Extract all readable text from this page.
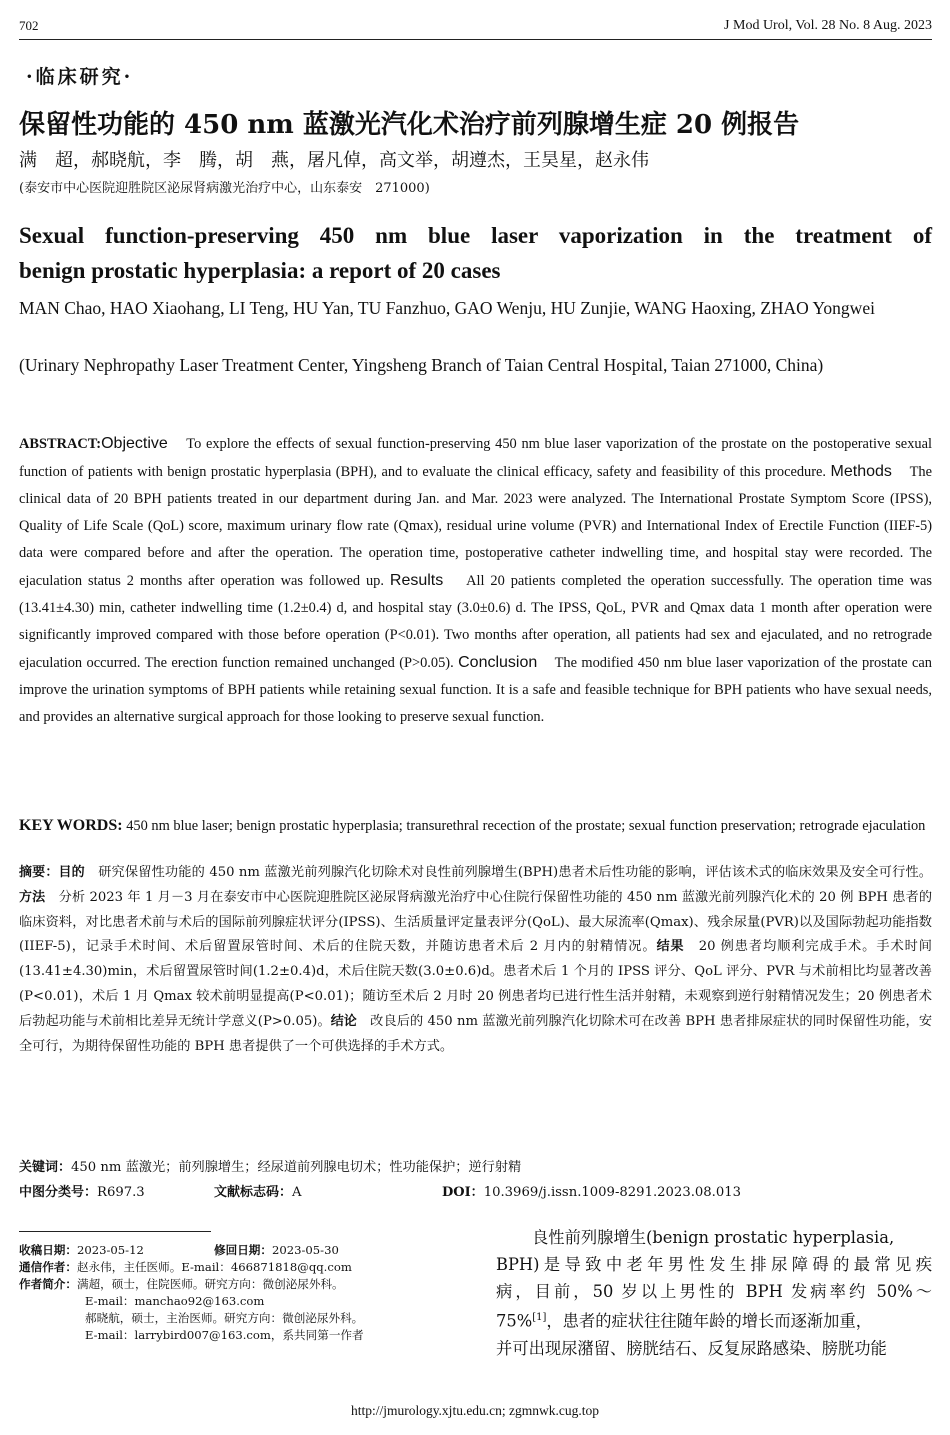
702	J Mod Urol, Vol. 28 No. 8 Aug. 2023
·临床研究·
保留性功能的 450 nm 蓝激光汽化术治疗前列腺增生症 20 例报告
满　超，郝晓航，李　腾，胡　燕，屠凡倬，高文举，胡遵杰，王昊星，赵永伟
(泰安市中心医院迎胜院区泌尿肾病激光治疗中心，山东泰安　271000)
Sexual function-preserving 450 nm blue laser vaporization in the treatment of
benign prostatic hyperplasia: a report of 20 cases
MAN Chao, HAO Xiaohang, LI Teng, HU Yan, TU Fanzhuo, GAO Wenju, HU Zunjie, WANG Haoxing, ZHAO Yongwei
(Urinary Nephropathy Laser Treatment Center, Yingsheng Branch of Taian Central Hospital, Taian 271000, China)
ABSTRACT:Objective To explore the effects of sexual function-preserving 450 nm blue laser vaporization of the prostate on the postoperative sexual function of patients with benign prostatic hyperplasia (BPH), and to evaluate the clinical efficacy, safety and feasibility of this procedure. Methods The clinical data of 20 BPH patients treated in our department during Jan. and Mar. 2023 were analyzed. The International Prostate Symptom Score (IPSS), Quality of Life Scale (QoL) score, maximum urinary flow rate (Qmax), residual urine volume (PVR) and International Index of Erectile Function (IIEF-5) data were compared before and after the operation. The operation time, postoperative catheter indwelling time, and hospital stay were recorded. The ejaculation status 2 months after operation was followed up. Results All 20 patients completed the operation successfully. The operation time was (13.41±4.30) min, catheter indwelling time (1.2±0.4) d, and hospital stay (3.0±0.6) d. The IPSS, QoL, PVR and Qmax data 1 month after operation were significantly improved compared with those before operation (P<0.01). Two months after operation, all patients had sex and ejaculated, and no retrograde ejaculation occurred. The erection function remained unchanged (P>0.05). Conclusion The modified 450 nm blue laser vaporization of the prostate can improve the urination symptoms of BPH patients while retaining sexual function. It is a safe and feasible technique for BPH patients who have sexual needs, and provides an alternative surgical approach for those looking to preserve sexual function.
KEY WORDS: 450 nm blue laser; benign prostatic hyperplasia; transurethral recection of the prostate; sexual function preservation; retrograde ejaculation
摘要：目的　 研究保留性功能的 450 nm 蓝激光前列腺汽化切除术对良性前列腺增生(BPH)患者术后性功能的影响，评估该术式的临床效果及安全可行性。方法　 分析 2023 年 1 月－3 月在泰安市中心医院迎胜院区泌尿肾病激光治疗中心住院行保留性功能的 450 nm 蓝激光前列腺汽化术的 20 例 BPH 患者的临床资料，对比患者术前与术后的国际前列腺症状评分(IPSS)、生活质量评定量表评分(QoL)、最大尿流率(Qmax)、残余尿量(PVR)以及国际勃起功能指数(IIEF-5)，记录手术时间、术后留置尿管时间、术后的住院天数，并随访患者术后 2 月内的射精情况。结果　 20 例患者均顺利完成手术。手术时间(13.41±4.30)min，术后留置尿管时间(1.2±0.4)d，术后住院天数(3.0±0.6)d。患者术后 1 个月的 IPSS 评分、QoL 评分、PVR 与术前相比均显著改善(P<0.01)，术后 1 月 Qmax 较术前明显提高(P<0.01)；随访至术后 2 月时 20 例患者均已进行性生活并射精，未观察到逆行射精情况发生；20 例患者术后勃起功能与术前相比差异无统计学意义(P>0.05)。结论　 改良后的 450 nm 蓝激光前列腺汽化切除术可在改善 BPH 患者排尿症状的同时保留性功能，安全可行，为期待保留性功能的 BPH 患者提供了一个可供选择的手术方式。
关键词：450 nm 蓝激光；前列腺增生；经尿道前列腺电切术；性功能保护；逆行射精
中图分类号：R697.3	文献标志码：A	DOI：10.3969/j.issn.1009-8291.2023.08.013
收稿日期：2023-05-12	修回日期：2023-05-30
通信作者：赵永伟，主任医师。E-mail：466871818@qq.com
作者简介：满超，硕士，住院医师。研究方向：微创泌尿外科。
E-mail：manchao92@163.com
郝晓航，硕士，主治医师。研究方向：微创泌尿外科。
E-mail：larrybird007@163.com，系共同第一作者
良性前列腺增生(benign prostatic hyperplasia,
BPH)是导致中老年男性发生排尿障碍的最常见疾
病，目前，50 岁以上男性的 BPH 发病率约 50%～
75%[1]，患者的症状往往随年龄的增长而逐渐加重，
并可出现尿潴留、膀胱结石、反复尿路感染、膀胱功能
http://jmurology.xjtu.edu.cn; zgmnwk.cug.top
